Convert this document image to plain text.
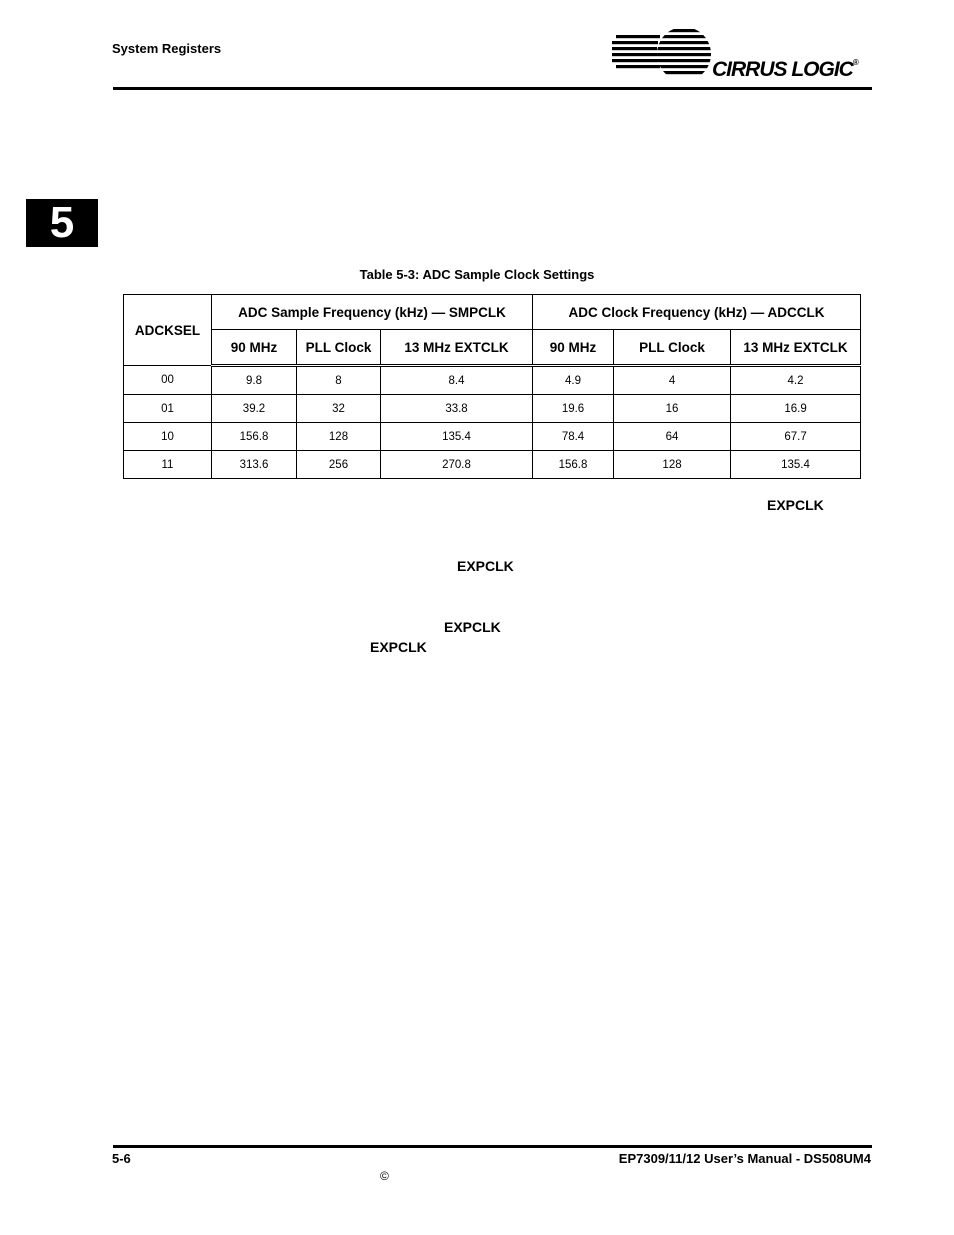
System Registers
CIRRUS LOGIC®
5
Table 5-3: ADC Sample Clock Settings
ADCKSEL	ADC Sample Frequency (kHz) — SMPCLK			ADC Clock Frequency (kHz) — ADCCLK		
	90 MHz	PLL Clock	13 MHz EXTCLK	90 MHz	PLL Clock	13 MHz EXTCLK
00	9.8	8	8.4	4.9	4	4.2
01	39.2	32	33.8	19.6	16	16.9
10	156.8	128	135.4	78.4	64	67.7
11	313.6	256	270.8	156.8	128	135.4
EXPCLK
EXPCLK
EXPCLK
EXPCLK
5-6	EP7309/11/12 User’s Manual - DS508UM4
©
